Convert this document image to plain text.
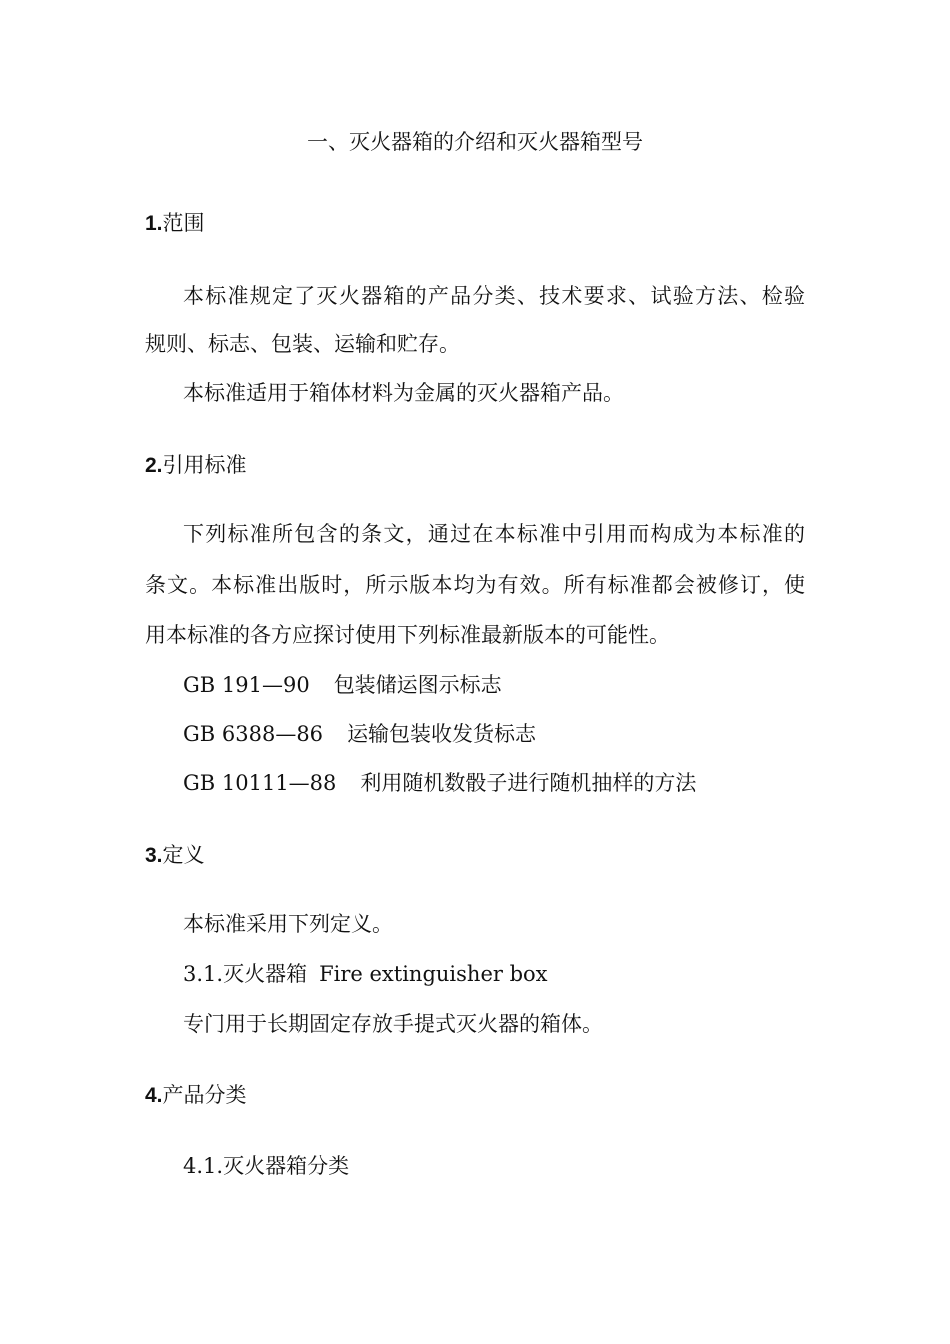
一、灭火器箱的介绍和灭火器箱型号
1.范围
本标准规定了灭火器箱的产品分类、技术要求、试验方法、检验
规则、标志、包装、运输和贮存。
本标准适用于箱体材料为金属的灭火器箱产品。
2.引用标准
下列标准所包含的条文，通过在本标准中引用而构成为本标准的
条文。本标准出版时，所示版本均为有效。所有标准都会被修订，使
用本标准的各方应探讨使用下列标准最新版本的可能性。
GB 191—90 包装储运图示标志
GB 6388—86 运输包装收发货标志
GB 10111—88 利用随机数骰子进行随机抽样的方法
3.定义
本标准采用下列定义。
3.1.灭火器箱 Fire extinguisher box
专门用于长期固定存放手提式灭火器的箱体。
4.产品分类
4.1.灭火器箱分类
